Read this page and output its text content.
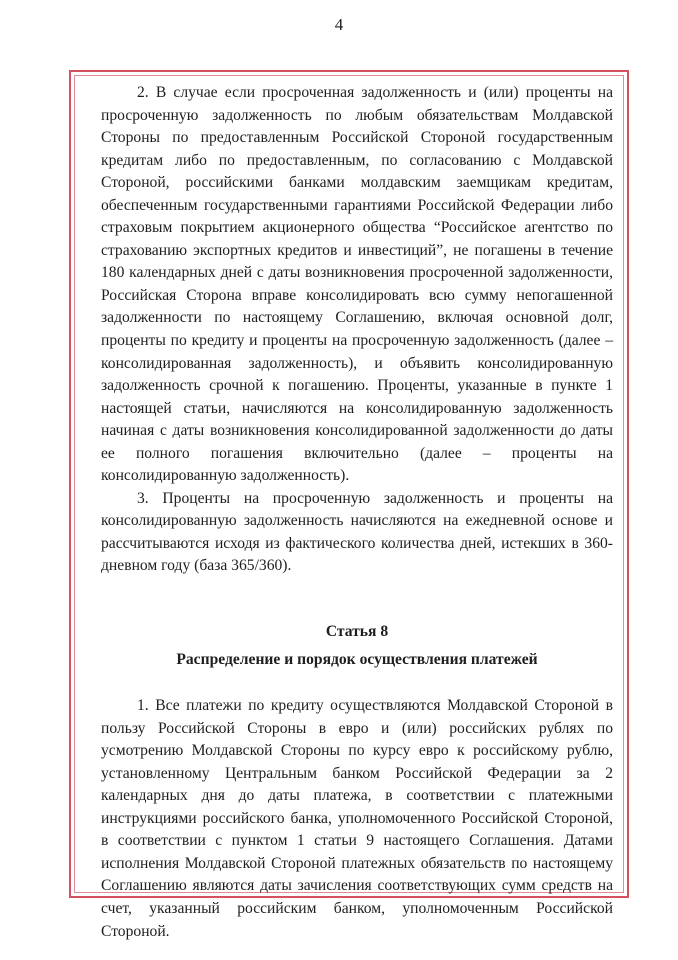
4

2. В случае если просроченная задолженность и (или) проценты на просроченную задолженность по любым обязательствам Молдавской Стороны по предоставленным Российской Стороной государственным кредитам либо по предоставленным, по согласованию с Молдавской Стороной, российскими банками молдавским заемщикам кредитам, обеспеченным государственными гарантиями Российской Федерации либо страховым покрытием акционерного общества “Российское агентство по страхованию экспортных кредитов и инвестиций”, не погашены в течение 180 календарных дней с даты возникновения просроченной задолженности, Российская Сторона вправе консолидировать всю сумму непогашенной задолженности по настоящему Соглашению, включая основной долг, проценты по кредиту и проценты на просроченную задолженность (далее – консолидированная задолженность), и объявить консолидированную задолженность срочной к погашению. Проценты, указанные в пункте 1 настоящей статьи, начисляются на консолидированную задолженность начиная с даты возникновения консолидированной задолженности до даты ее полного погашения включительно (далее – проценты на консолидированную задолженность).

3. Проценты на просроченную задолженность и проценты на консолидированную задолженность начисляются на ежедневной основе и рассчитываются исходя из фактического количества дней, истекших в 360-дневном году (база 365/360).

Статья 8
Распределение и порядок осуществления платежей

1. Все платежи по кредиту осуществляются Молдавской Стороной в пользу Российской Стороны в евро и (или) российских рублях по усмотрению Молдавской Стороны по курсу евро к российскому рублю, установленному Центральным банком Российской Федерации за 2 календарных дня до даты платежа, в соответствии с платежными инструкциями российского банка, уполномоченного Российской Стороной, в соответствии с пунктом 1 статьи 9 настоящего Соглашения. Датами исполнения Молдавской Стороной платежных обязательств по настоящему Соглашению являются даты зачисления соответствующих сумм средств на счет, указанный российским банком, уполномоченным Российской Стороной.
